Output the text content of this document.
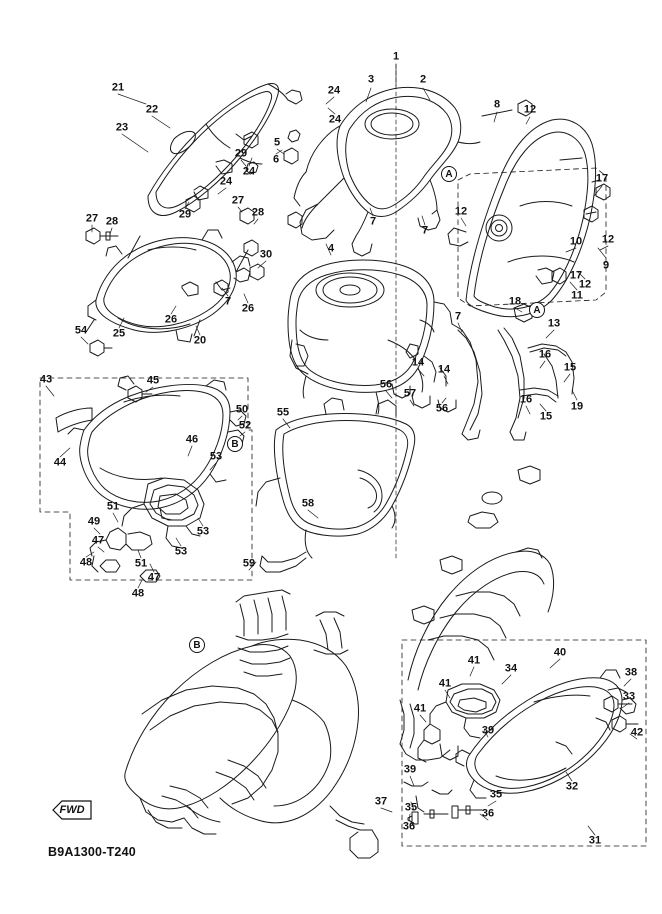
FWD
B9A1300-T240
1
2
3
4
5
6
7
7
7
7
8
9
10
11
12
12
12
12
13
14
14	15
15
16
16
17
17
18
19
20
21
22
23
24
24
24
24
25
26
26
27
27
28
28
29
29
30
31
32
33
34
35
35
36
36
37
38
39
39
40
41
41
41
42
43
44
45
46
47
47
48
48
49
50
51
51
52
53
53
53
54
55
56
56
57
58
59
A
A
B
B
